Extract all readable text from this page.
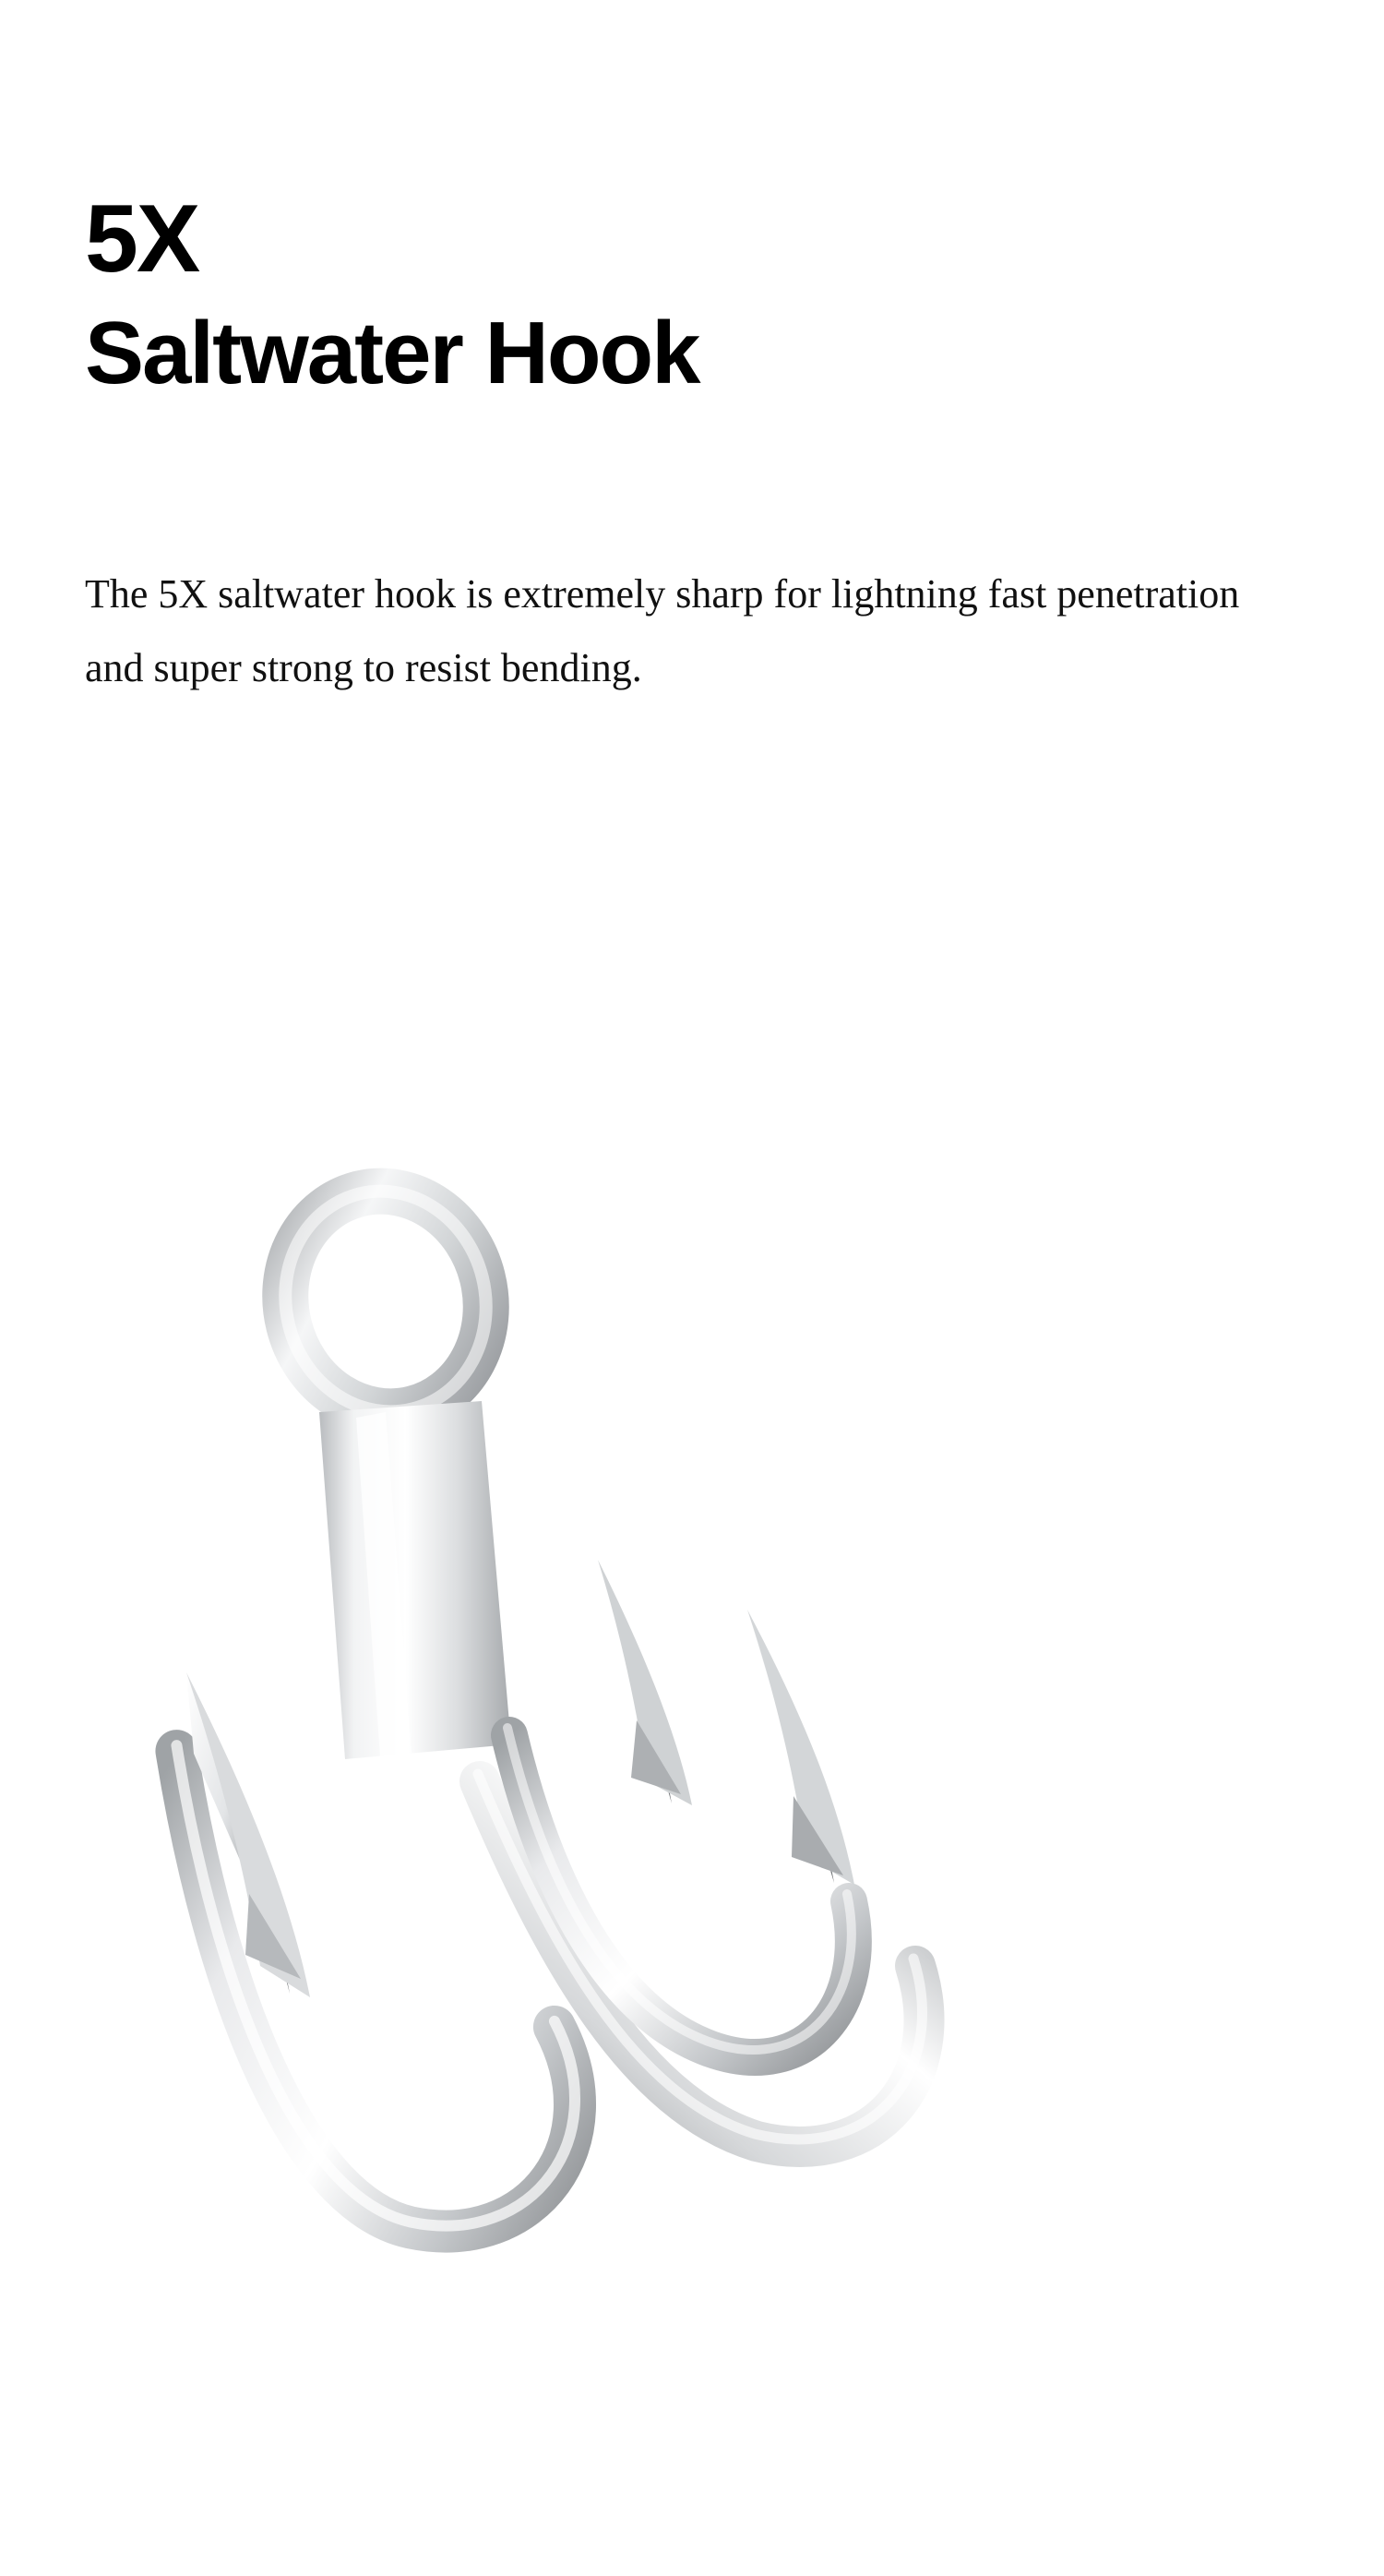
5X
Saltwater Hook

The 5X saltwater hook is extremely sharp for lightning fast penetration and super strong to resist bending.
